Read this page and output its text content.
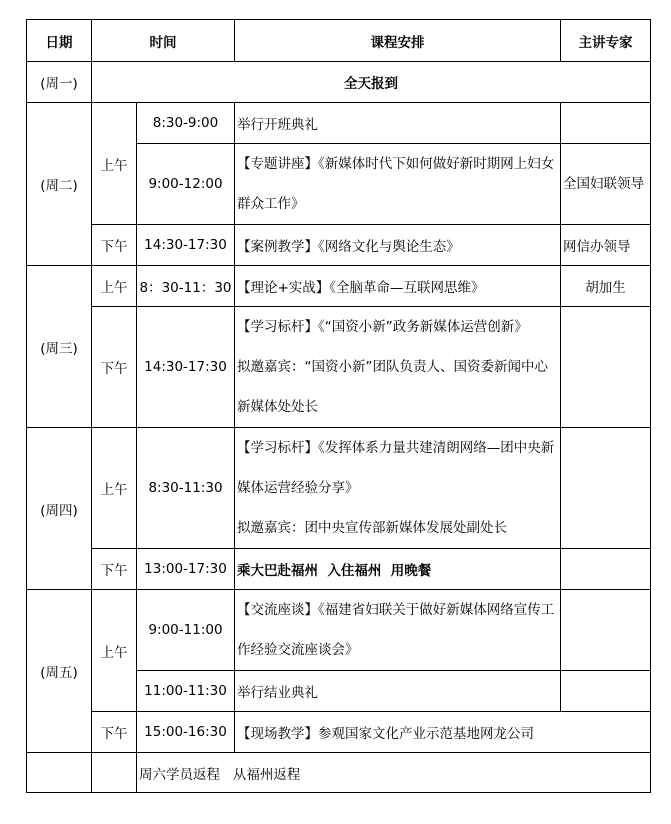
日期	时间		课程安排	主讲专家
(周一)	全天报到			
(周二)	上午	8:30-9:00	举行开班典礼	
		9:00-12:00	【专题讲座】《新媒体时代下如何做好新时期网上妇女群众工作》	全国妇联领导
	下午	14:30-17:30	【案例教学】《网络文化与舆论生态》	网信办领导
(周三)	上午	8：30-11：30	【理论+实战】《全脑革命—互联网思维》	胡加生
	下午	14:30-17:30	【学习标杆】《“国资小新”政务新媒体运营创新》
拟邀嘉宾：“国资小新”团队负责人、国资委新闻中心新媒体处处长	

(周四)	上午	8:30-11:30	【学习标杆】《发挥体系力量共建清朗网络—团中央新媒体运营经验分享》
拟邀嘉宾：团中央宣传部新媒体发展处副处长	

	下午	13:00-17:30	乘大巴赴福州  入住福州  用晚餐	
(周五)	上午	9:00-11:00	【交流座谈】《福建省妇联关于做好新媒体网络宣传工作经验交流座谈会》	
		11:00-11:30	举行结业典礼	
	下午	15:00-16:30	【现场教学】参观国家文化产业示范基地网龙公司	
		周六学员返程   从福州返程		
